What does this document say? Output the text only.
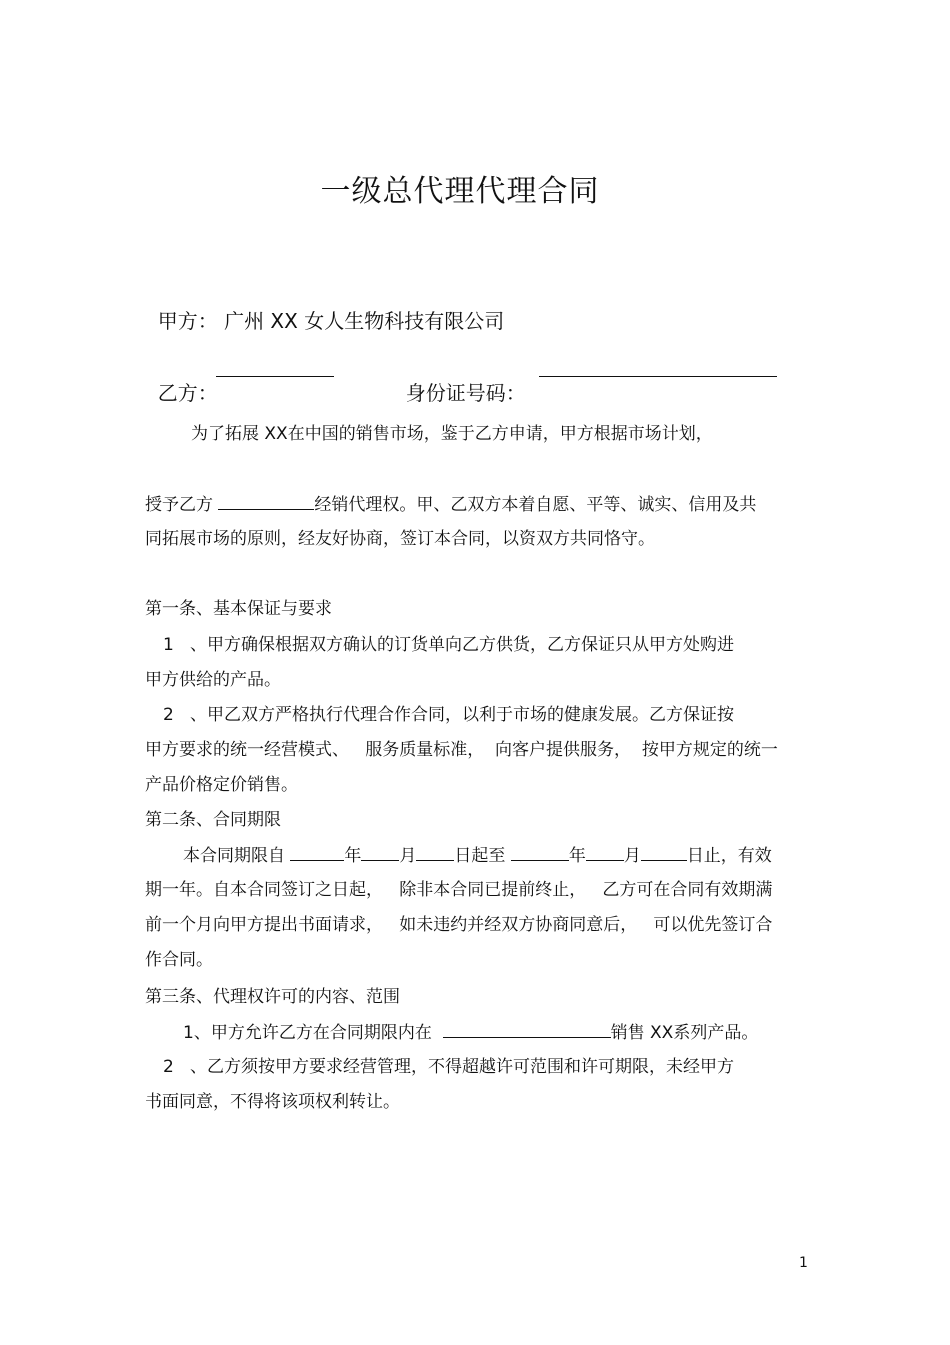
一级总代理代理合同

甲方： 广州 XX 女人生物科技有限公司

乙方：	身份证号码：

为了拓展 XX在中国的销售市场，鉴于乙方申请，甲方根据市场计划，
授予乙方	经销代理权。甲、乙双方本着自愿、平等、诚实、信用及共
同拓展市场的原则，经友好协商，签订本合同，以资双方共同恪守。
第一条、基本保证与要求
1   、甲方确保根据双方确认的订货单向乙方供货，乙方保证只从甲方处购进
甲方供给的产品。
2   、甲乙双方严格执行代理合作合同，以利于市场的健康发展。乙方保证按
甲方要求的统一经营模式、   服务质量标准，  向客户提供服务，  按甲方规定的统一
产品价格定价销售。
第二条、合同期限
本合同期限自	年 月 日起至	年 月	日止，有效
期一年。自本合同签订之日起，   除非本合同已提前终止，   乙方可在合同有效期满
前一个月向甲方提出书面请求，   如未违约并经双方协商同意后，   可以优先签订合
作合同。
第三条、代理权许可的内容、范围
1、甲方允许乙方在合同期限内在	销售 XX系列产品。
2   、乙方须按甲方要求经营管理，不得超越许可范围和许可期限，未经甲方
书面同意，不得将该项权利转让。
1
